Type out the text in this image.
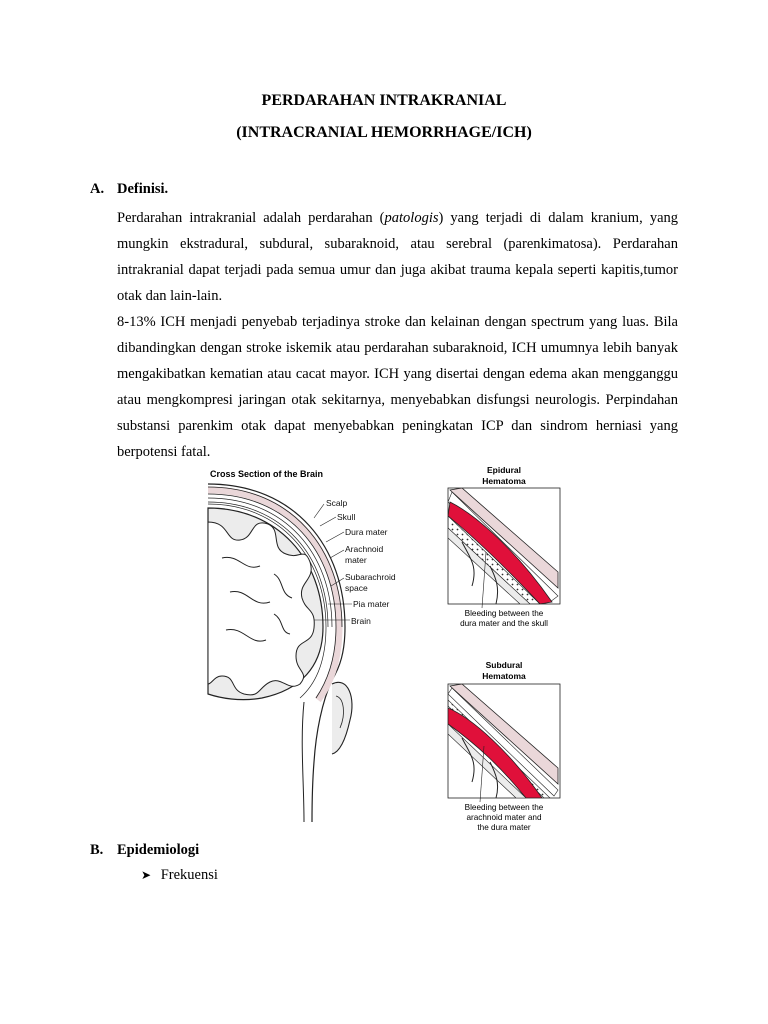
PERDARAHAN INTRAKRANIAL
(INTRACRANIAL HEMORRHAGE/ICH)
A. Definisi.
Perdarahan intrakranial adalah perdarahan (patologis) yang terjadi di dalam kranium, yang mungkin ekstradural, subdural, subaraknoid, atau serebral (parenkimatosa). Perdarahan intrakranial dapat terjadi pada semua umur dan juga akibat trauma kepala seperti kapitis,tumor otak dan lain-lain.
8-13% ICH menjadi penyebab terjadinya stroke dan kelainan dengan spectrum yang luas. Bila dibandingkan dengan stroke iskemik atau perdarahan subaraknoid, ICH umumnya lebih banyak mengakibatkan kematian atau cacat mayor. ICH yang disertai dengan edema akan mengganggu atau mengkompresi jaringan otak sekitarnya, menyebabkan disfungsi neurologis. Perpindahan substansi parenkim otak dapat menyebabkan peningkatan ICP dan sindrom herniasi yang berpotensi fatal.
Cross Section of the Brain
Scalp
Skull
Dura mater
Arachnoid
mater
Subarachroid
space
Pia mater
Brain
Epidural
Hematoma
Bleeding between the
dura mater and the skull
Subdural
Hematoma
Bleeding between the
arachnoid mater and
the dura mater
B. Epidemiologi
➤ Frekuensi
